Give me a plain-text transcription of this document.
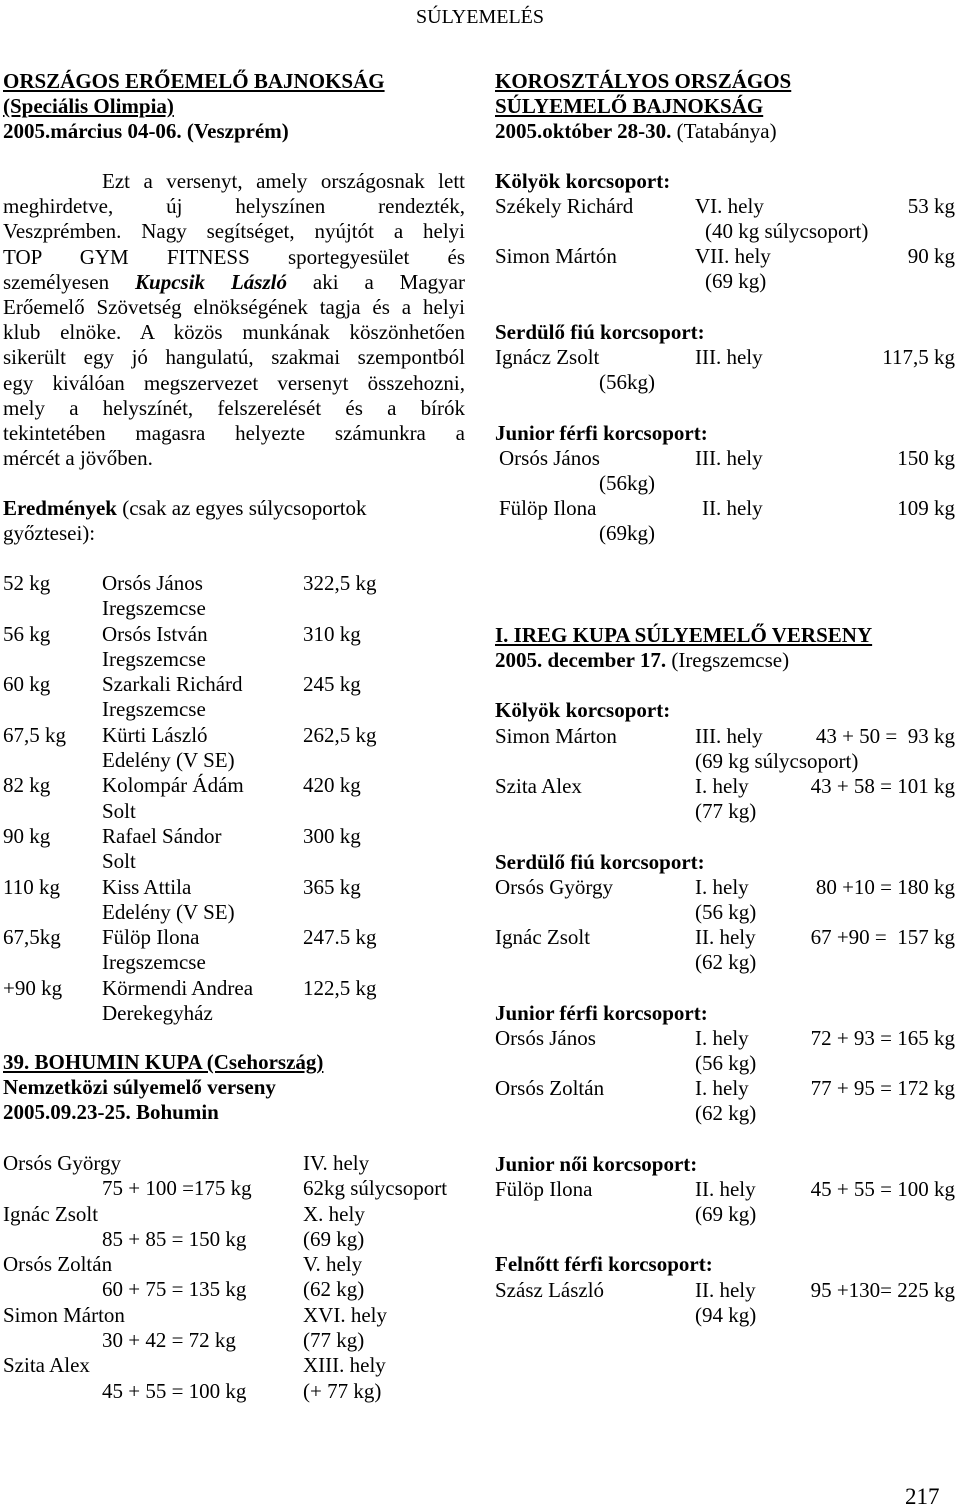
SÚLYEMELÉS
ORSZÁGOS ERŐEMELŐ BAJNOKSÁG
(Speciális Olimpia)
2005.március 04-06. (Veszprém)
Ezt a versenyt, amely országosnak lett
meghirdetve, új helyszínen rendezték,
Veszprémben. Nagy segítséget, nyújtót a helyi
TOP GYM FITNESS sportegyesület és
személyesen Kupcsik László aki a Magyar
Erőemelő Szövetség elnökségének tagja és a helyi
klub elnöke. A közös munkának köszönhetően
sikerült egy jó hangulatú, szakmai szempontból
egy kiválóan megszervezet versenyt összehozni,
mely a helyszínét, felszerelését és a bírók
tekintetében magasra helyezte számunkra a
mércét a jövőben.
Eredmények (csak az egyes súlycsoportok
győztesei):
52 kg Orsós János	322,5 kg
Iregszemcse
56 kg Orsós István	310 kg
Iregszemcse
60 kg Szarkali Richárd	245 kg
Iregszemcse
67,5 kg Kürti László	262,5 kg
Edelény (V SE)
82 kg Kolompár Ádám	420 kg
Solt
90 kg Rafael Sándor	300 kg
Solt
110 kg Kiss Attila	365 kg
Edelény (V SE)
67,5kg Fülöp Ilona	247.5 kg
Iregszemcse
+90 kg Körmendi Andrea 122,5 kg
Derekegyház
39. BOHUMIN KUPA (Csehország)
Nemzetközi súlyemelő verseny
2005.09.23-25. Bohumin
Orsós György	IV. hely
75 + 100 =175 kg 62kg súlycsoport
Ignác Zsolt	X. hely
85 + 85 = 150 kg	(69 kg)
Orsós Zoltán	V. hely
60 + 75 = 135 kg	(62 kg)
Simon Márton	XVI. hely
30 + 42 = 72 kg	(77 kg)
Szita Alex	XIII. hely
45 + 55 = 100 kg	(+ 77 kg)
KOROSZTÁLYOS ORSZÁGOS
SÚLYEMELŐ BAJNOKSÁG
2005.október 28-30. (Tatabánya)
Kölyök korcsoport:
Székely Richárd	VI. hely	53 kg
(40 kg súlycsoport)
Simon Mártón	VII. hely	90 kg
(69 kg)
Serdülő fiú korcsoport:
Ignácz Zsolt	III. hely	117,5 kg
(56kg)
Junior férfi korcsoport:
Orsós János	III. hely	150 kg
(56kg)
Fülöp Ilona	II. hely	109 kg
(69kg)
I. IREG KUPA SÚLYEMELŐ VERSENY
2005. december 17. (Iregszemcse)
Kölyök korcsoport:
Simon Márton	III. hely	43 + 50 =  93 kg
(69 kg súlycsoport)
Szita Alex	I. hely	43 + 58 = 101 kg
(77 kg)
Serdülő fiú korcsoport:
Orsós György	I. hely	80 +10 = 180 kg
(56 kg)
Ignác Zsolt	II. hely	67 +90 =  157 kg
(62 kg)
Junior férfi korcsoport:
Orsós János	I. hely	72 + 93 = 165 kg
(56 kg)
Orsós Zoltán	I. hely	77 + 95 = 172 kg
(62 kg)
Junior női korcsoport:
Fülöp Ilona	II. hely	45 + 55 = 100 kg
(69 kg)
Felnőtt férfi korcsoport:
Szász László	II. hely	95 +130= 225 kg
(94 kg)
217
